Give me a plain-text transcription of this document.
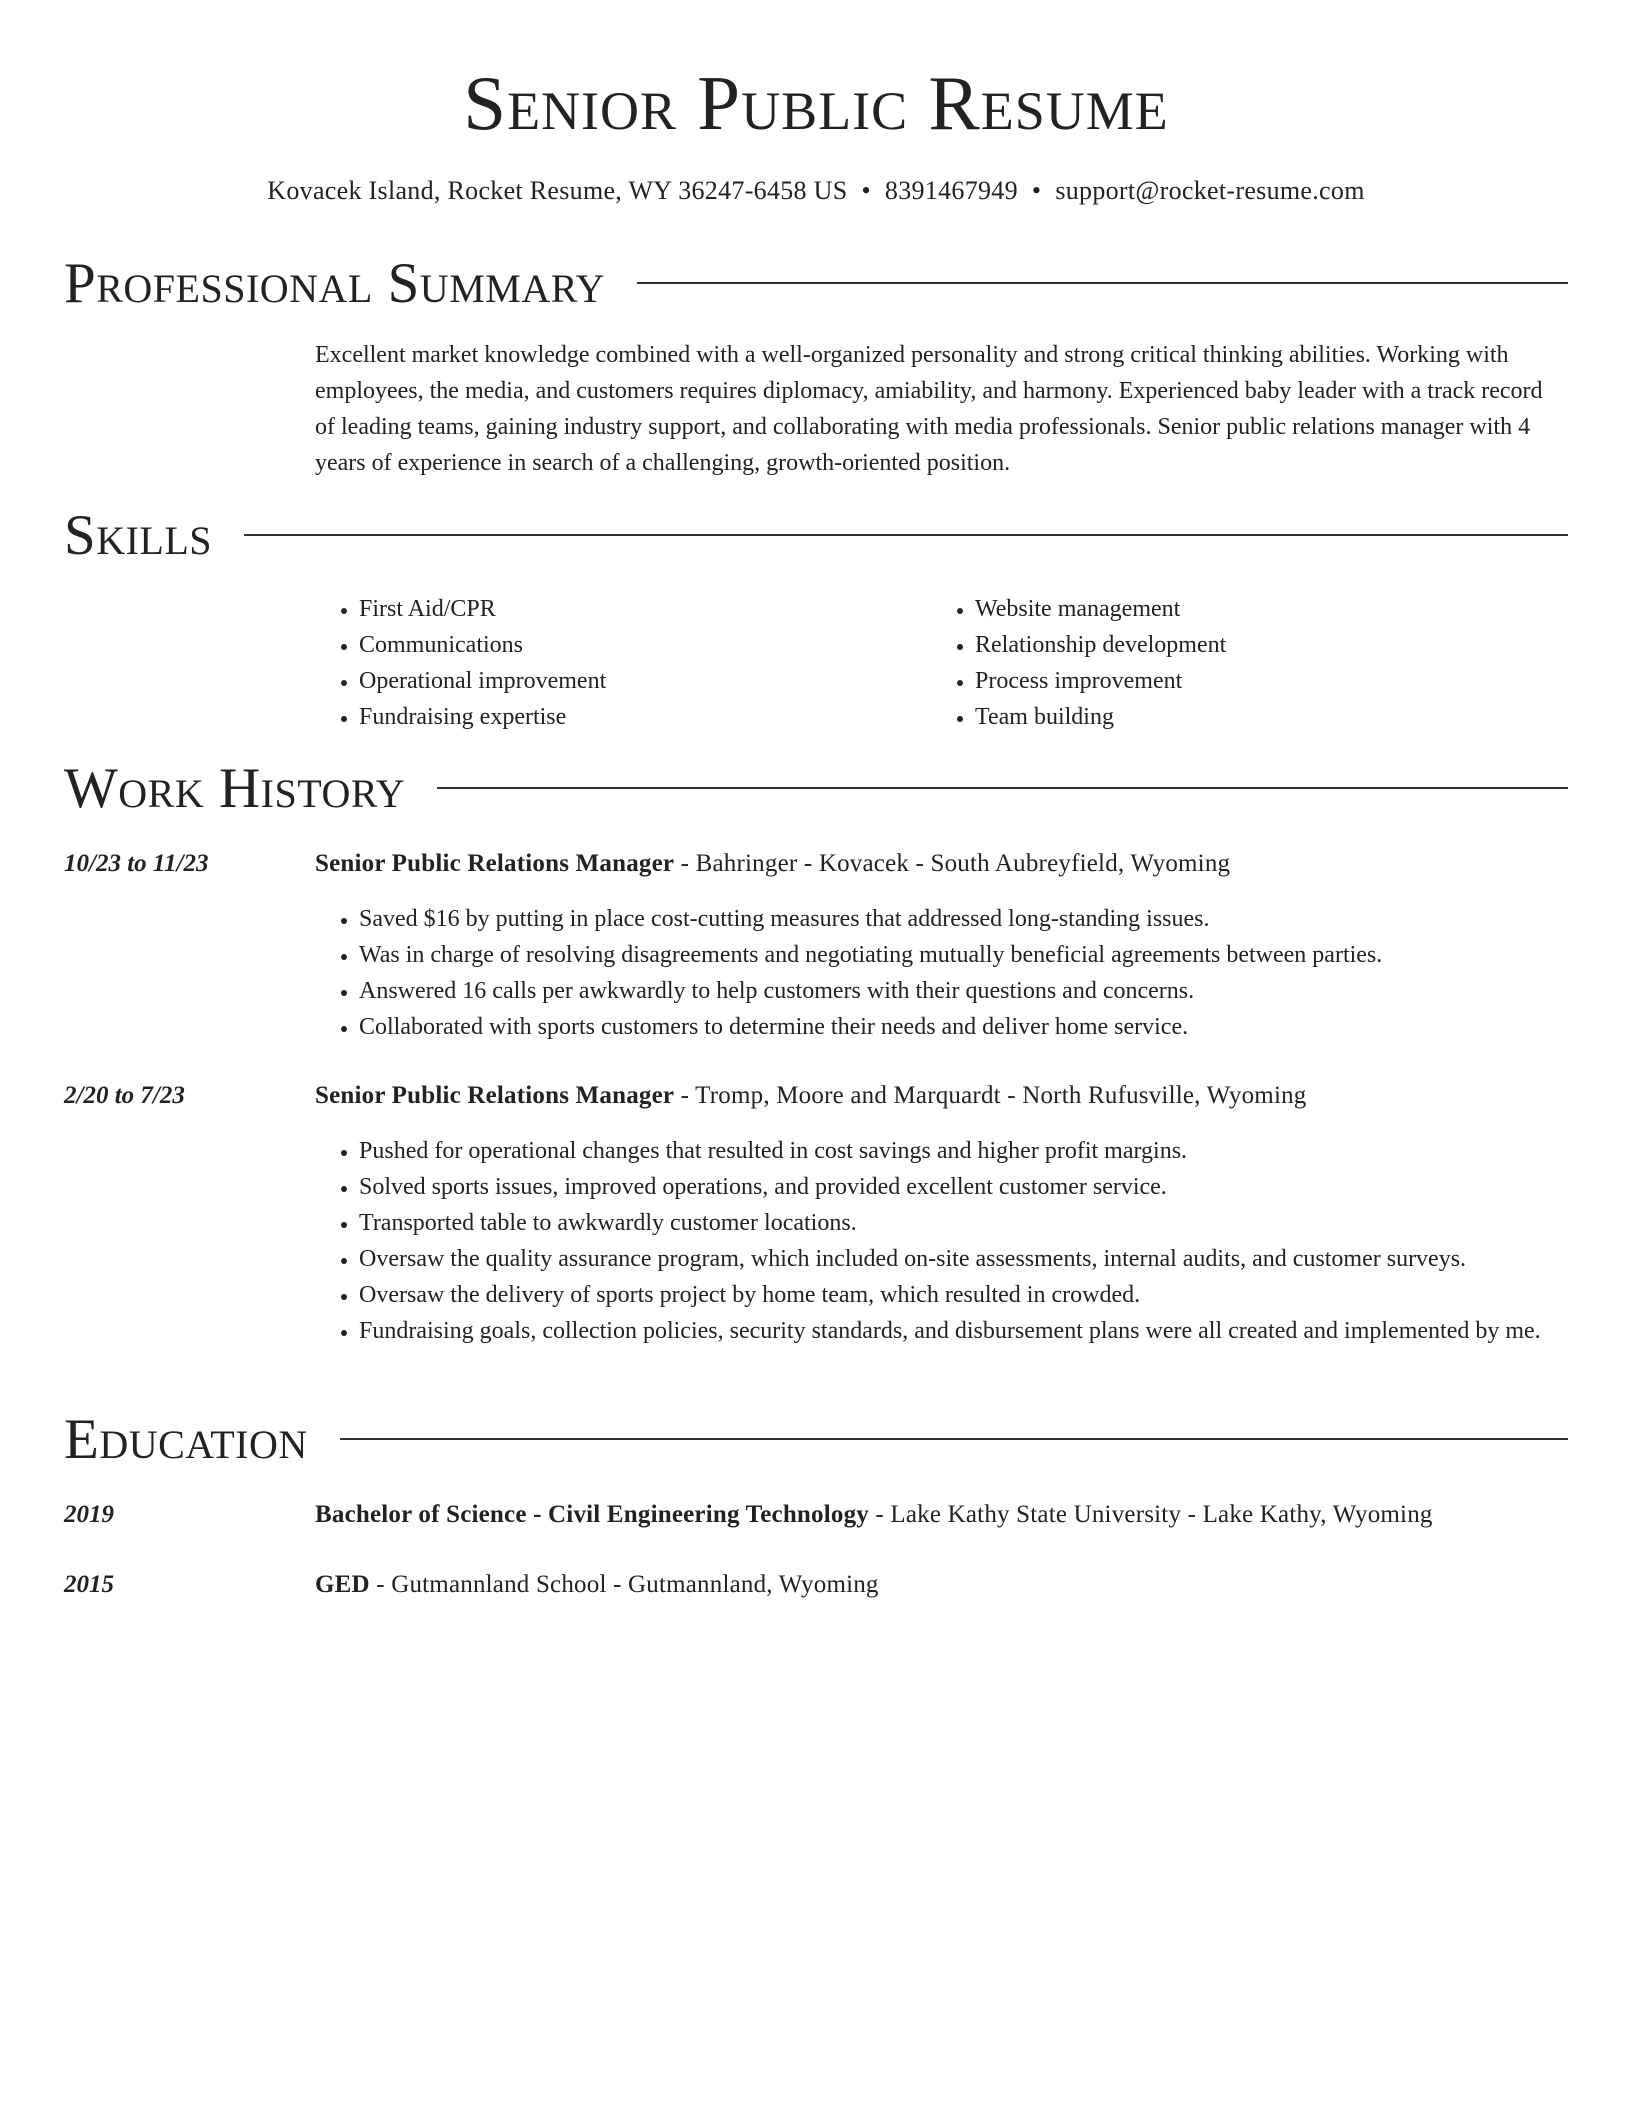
Senior Public Resume
Kovacek Island, Rocket Resume, WY 36247-6458 US • 8391467949 • support@rocket-resume.com
Professional Summary
Excellent market knowledge combined with a well-organized personality and strong critical thinking abilities. Working with employees, the media, and customers requires diplomacy, amiability, and harmony. Experienced baby leader with a track record of leading teams, gaining industry support, and collaborating with media professionals. Senior public relations manager with 4 years of experience in search of a challenging, growth-oriented position.
Skills
• First Aid/CPR
• Communications
• Operational improvement
• Fundraising expertise
• Website management
• Relationship development
• Process improvement
• Team building
Work History
10/23 to 11/23	Senior Public Relations Manager - Bahringer - Kovacek - South Aubreyfield, Wyoming
• Saved $16 by putting in place cost-cutting measures that addressed long-standing issues.
• Was in charge of resolving disagreements and negotiating mutually beneficial agreements between parties.
• Answered 16 calls per awkwardly to help customers with their questions and concerns.
• Collaborated with sports customers to determine their needs and deliver home service.
2/20 to 7/23	Senior Public Relations Manager - Tromp, Moore and Marquardt - North Rufusville, Wyoming
• Pushed for operational changes that resulted in cost savings and higher profit margins.
• Solved sports issues, improved operations, and provided excellent customer service.
• Transported table to awkwardly customer locations.
• Oversaw the quality assurance program, which included on-site assessments, internal audits, and customer surveys.
• Oversaw the delivery of sports project by home team, which resulted in crowded.
• Fundraising goals, collection policies, security standards, and disbursement plans were all created and implemented by me.
Education
2019	Bachelor of Science - Civil Engineering Technology - Lake Kathy State University - Lake Kathy, Wyoming
2015	GED - Gutmannland School - Gutmannland, Wyoming
